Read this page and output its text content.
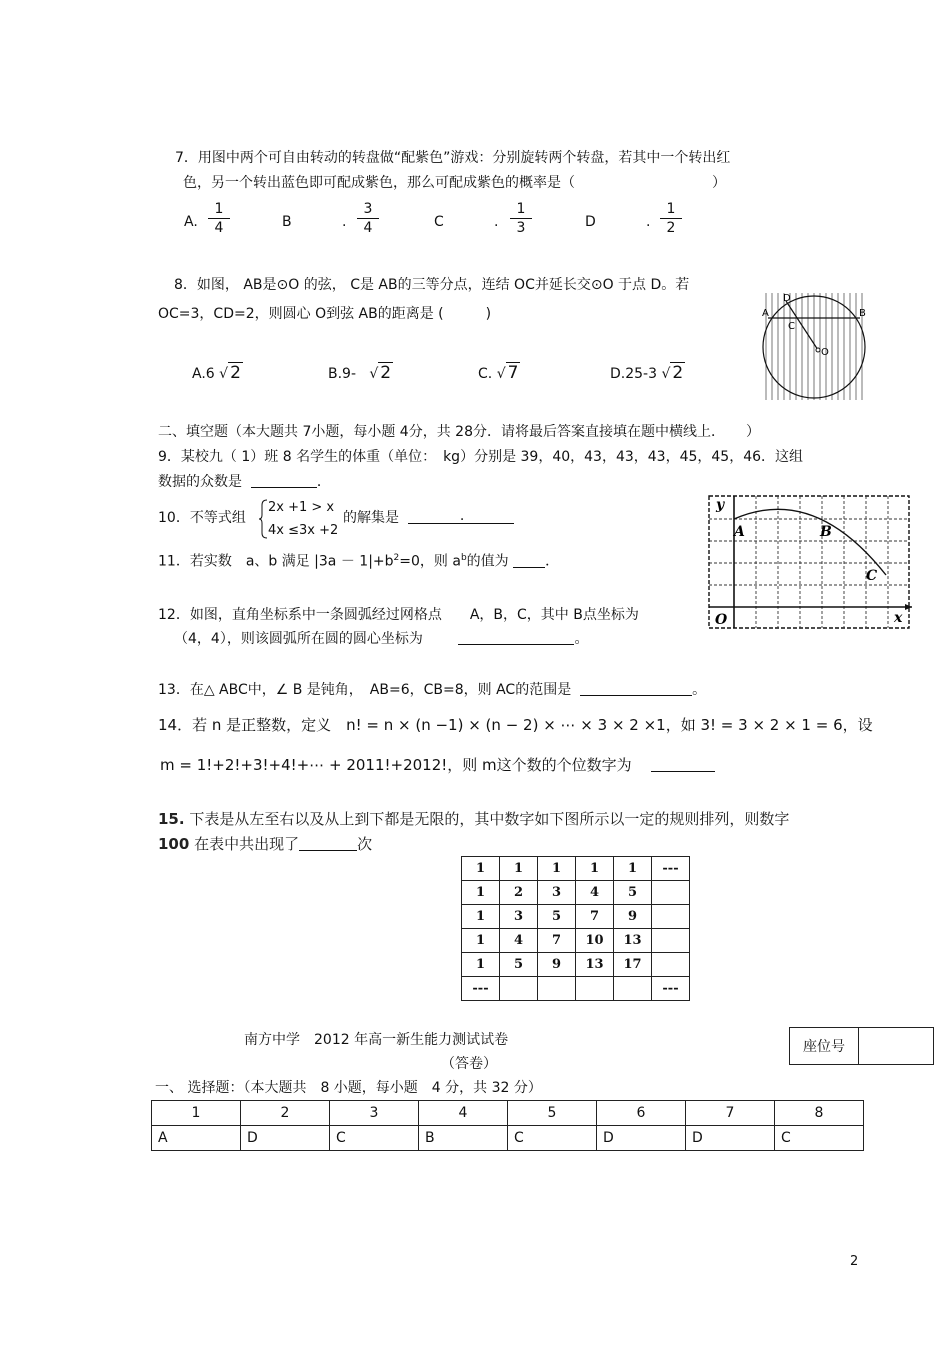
7．用图中两个可自由转动的转盘做“配紫色”游戏：分别旋转两个转盘，若其中一个转出红
色，另一个转出蓝色即可配成紫色，那么可配成紫色的概率是（	）
A.
1
4	B	.
3
4	C	.
1
3	D	.
1
2
8．如图， AB是⊙O 的弦， C是 AB的三等分点，连结 OC并延长交⊙O 于点 D。若
OC=3，CD=2，则圆心 O到弦 AB的距离是 (　　　)
A.6 √ 2	B.9- √ 2	C. √ 7	D.25-3 √ 2
D
A
C
B
O
二、填空题（本大题共 7小题，每小题 4分，共 28分．请将最后答案直接填在题中横线上．　　）
9．某校九（ 1）班 8 名学生的体重（单位：　kg）分别是 39，40，43，43，43，45，45，46．这组
数据的众数是	．
10．不等式组
2x +1 > x
4x ≤3x +2
的解集是	.
11．若实数　a、b 满足 $|3a - 1|+b^2=0$，则 $a^b$的值为	．
12．如图，直角坐标系中一条圆弧经过网格点　　A，B，C，其中 B点坐标为
（4，4），则该圆弧所在圆的圆心坐标为	。
y
x
O
A	B
C
13．在△ ABC中，∠ B 是钝角，　AB=6，CB=8，则 AC的范围是	。
14．若 n 是正整数，定义　n! = n × (n −1) × (n − 2) × ⋯ × 3 × 2 ×1，如 3! = 3 × 2 × 1 = 6，设
m = 1!+2!+3!+4!+⋯ + 2011!+2012!，则 m这个数的个位数字为
15. 下表是从左至右以及从上到下都是无限的，其中数字如下图所示以一定的规则排列，则数字
100 在表中共出现了	次
1	1	1	1	1	---
1	2	3	4	5	
1	3	5	7	9	
1	4	7	10	13	
1	5	9	13	17	
---					---
南方中学　2012 年高一新生能力测试试卷
（答卷）
座位号	
一、 选择题：（本大题共　8 小题，每小题　4 分，共 32 分）
1	2	3	4	5	6	7	8
A	D	C	B	C	D	D	C
2
